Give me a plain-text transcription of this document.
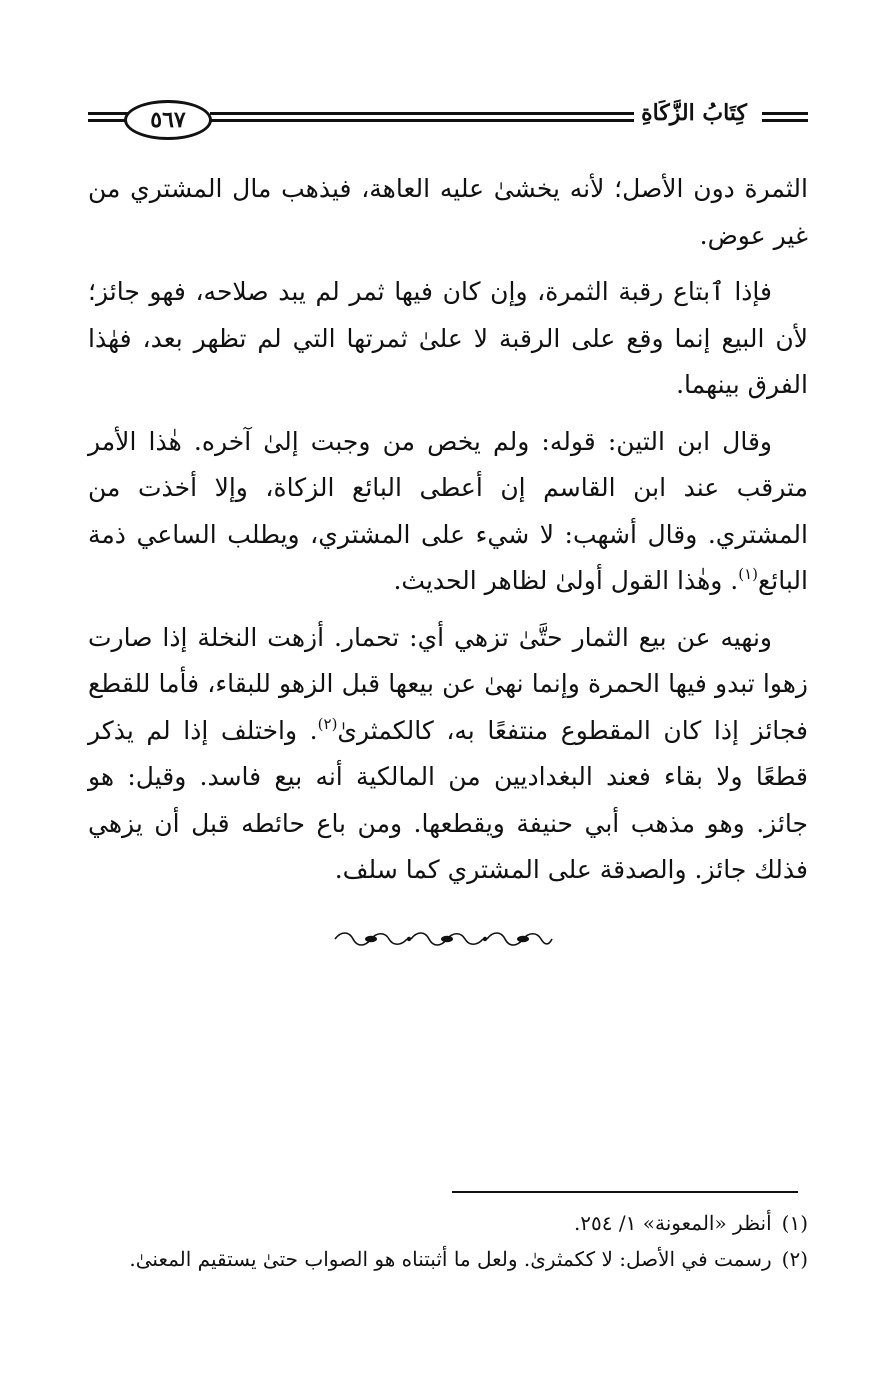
٥٦٧	كِتَابُ الزَّكَاةِ

الثمرة دون الأصل؛ لأنه يخشىٰ عليه العاهة، فيذهب مال المشتري من غير عوض.

فإذا ٱبتاع رقبة الثمرة، وإن كان فيها ثمر لم يبد صلاحه، فهو جائز؛ لأن البيع إنما وقع على الرقبة لا علىٰ ثمرتها التي لم تظهر بعد، فهٰذا الفرق بينهما.

وقال ابن التين: قوله: ولم يخص من وجبت إلىٰ آخره. هٰذا الأمر مترقب عند ابن القاسم إن أعطى البائع الزكاة، وإلا أخذت من المشتري. وقال أشهب: لا شيء على المشتري، ويطلب الساعي ذمة البائع$^{(١)}$. وهٰذا القول أولىٰ لظاهر الحديث.

ونهيه عن بيع الثمار حتَّىٰ تزهي أي: تحمار. أزهت النخلة إذا صارت زهوا تبدو فيها الحمرة وإنما نهىٰ عن بيعها قبل الزهو للبقاء، فأما للقطع فجائز إذا كان المقطوع منتفعًا به، كالكمثرىٰ$^{(٢)}$. واختلف إذا لم يذكر قطعًا ولا بقاء فعند البغداديين من المالكية أنه بيع فاسد. وقيل: هو جائز. وهو مذهب أبي حنيفة ويقطعها. ومن باع حائطه قبل أن يزهي فذلك جائز. والصدقة على المشتري كما سلف.

(١)أنظر «المعونة» ١/ ٢٥٤.

(٢)رسمت في الأصل: لا ككمثرىٰ. ولعل ما أثبتناه هو الصواب حتىٰ يستقيم المعنىٰ.
